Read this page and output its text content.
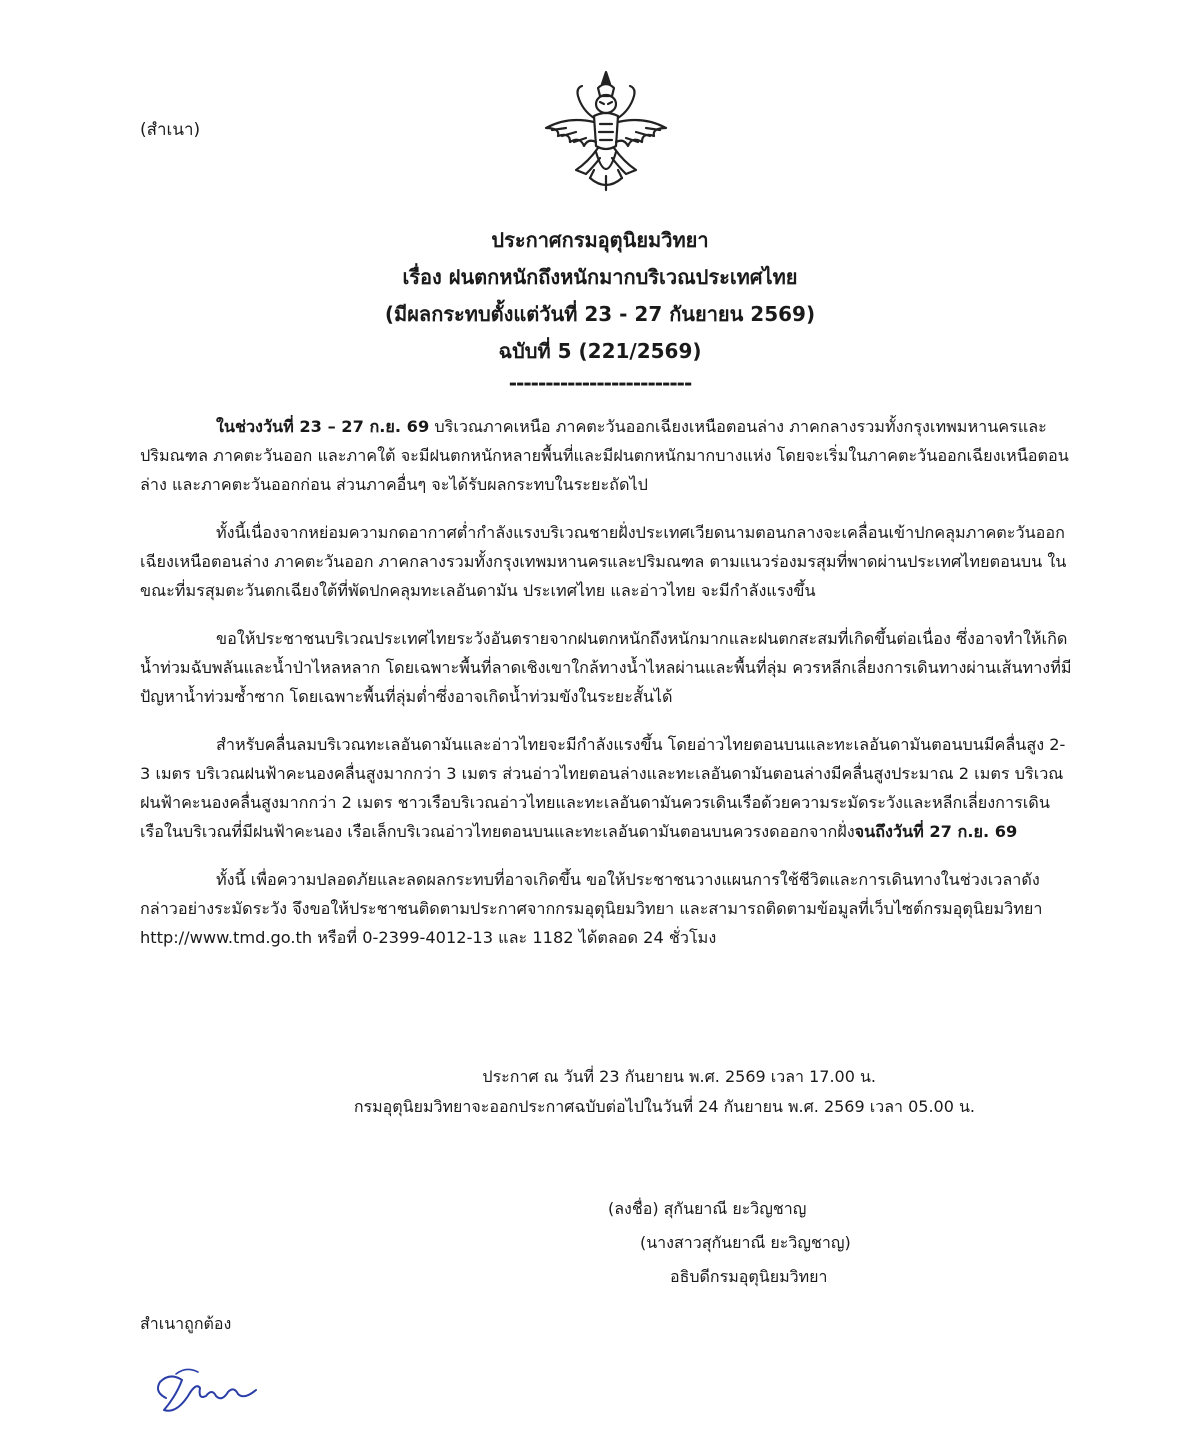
(สำเนา)
ประกาศกรมอุตุนิยมวิทยา
เรื่อง ฝนตกหนักถึงหนักมากบริเวณประเทศไทย
(มีผลกระทบตั้งแต่วันที่ 23 - 27 กันยายน 2569)
ฉบับที่ 5 (221/2569)
-------------------------

ในช่วงวันที่ 23 – 27 ก.ย. 69 บริเวณภาคเหนือ ภาคตะวันออกเฉียงเหนือตอนล่าง ภาคกลางรวมทั้งกรุงเทพมหานครและปริมณฑล ภาคตะวันออก และภาคใต้ จะมีฝนตกหนักหลายพื้นที่และมีฝนตกหนักมากบางแห่ง โดยจะเริ่มในภาคตะวันออกเฉียงเหนือตอนล่าง และภาคตะวันออกก่อน ส่วนภาคอื่นๆ จะได้รับผลกระทบในระยะถัดไป

ทั้งนี้เนื่องจากหย่อมความกดอากาศต่ำกำลังแรงบริเวณชายฝั่งประเทศเวียดนามตอนกลางจะเคลื่อนเข้าปกคลุมภาคตะวันออกเฉียงเหนือตอนล่าง ภาคตะวันออก ภาคกลางรวมทั้งกรุงเทพมหานครและปริมณฑล ตามแนวร่องมรสุมที่พาดผ่านประเทศไทยตอนบน ในขณะที่มรสุมตะวันตกเฉียงใต้ที่พัดปกคลุมทะเลอันดามัน ประเทศไทย และอ่าวไทย จะมีกำลังแรงขึ้น

ขอให้ประชาชนบริเวณประเทศไทยระวังอันตรายจากฝนตกหนักถึงหนักมากและฝนตกสะสมที่เกิดขึ้นต่อเนื่อง ซึ่งอาจทำให้เกิดน้ำท่วมฉับพลันและน้ำป่าไหลหลาก โดยเฉพาะพื้นที่ลาดเชิงเขาใกล้ทางน้ำไหลผ่านและพื้นที่ลุ่ม ควรหลีกเลี่ยงการเดินทางผ่านเส้นทางที่มีปัญหาน้ำท่วมซ้ำซาก โดยเฉพาะพื้นที่ลุ่มต่ำซึ่งอาจเกิดน้ำท่วมขังในระยะสั้นได้

สำหรับคลื่นลมบริเวณทะเลอันดามันและอ่าวไทยจะมีกำลังแรงขึ้น โดยอ่าวไทยตอนบนและทะเลอันดามันตอนบนมีคลื่นสูง 2-3 เมตร บริเวณฝนฟ้าคะนองคลื่นสูงมากกว่า 3 เมตร ส่วนอ่าวไทยตอนล่างและทะเลอันดามันตอนล่างมีคลื่นสูงประมาณ 2 เมตร บริเวณฝนฟ้าคะนองคลื่นสูงมากกว่า 2 เมตร ชาวเรือบริเวณอ่าวไทยและทะเลอันดามันควรเดินเรือด้วยความระมัดระวังและหลีกเลี่ยงการเดินเรือในบริเวณที่มีฝนฟ้าคะนอง เรือเล็กบริเวณอ่าวไทยตอนบนและทะเลอันดามันตอนบนควรงดออกจากฝั่งจนถึงวันที่ 27 ก.ย. 69

ทั้งนี้ เพื่อความปลอดภัยและลดผลกระทบที่อาจเกิดขึ้น ขอให้ประชาชนวางแผนการใช้ชีวิตและการเดินทางในช่วงเวลาดังกล่าวอย่างระมัดระวัง จึงขอให้ประชาชนติดตามประกาศจากกรมอุตุนิยมวิทยา และสามารถติดตามข้อมูลที่เว็บไซต์กรมอุตุนิยมวิทยา http://www.tmd.go.th หรือที่ 0-2399-4012-13 และ 1182 ได้ตลอด 24 ชั่วโมง

ประกาศ ณ วันที่ 23 กันยายน พ.ศ. 2569 เวลา 17.00 น.
กรมอุตุนิยมวิทยาจะออกประกาศฉบับต่อไปในวันที่ 24 กันยายน พ.ศ. 2569 เวลา 05.00 น.
(ลงชื่อ) สุกันยาณี ยะวิญชาญ
(นางสาวสุกันยาณี ยะวิญชาญ)
อธิบดีกรมอุตุนิยมวิทยา
สำเนาถูกต้อง
